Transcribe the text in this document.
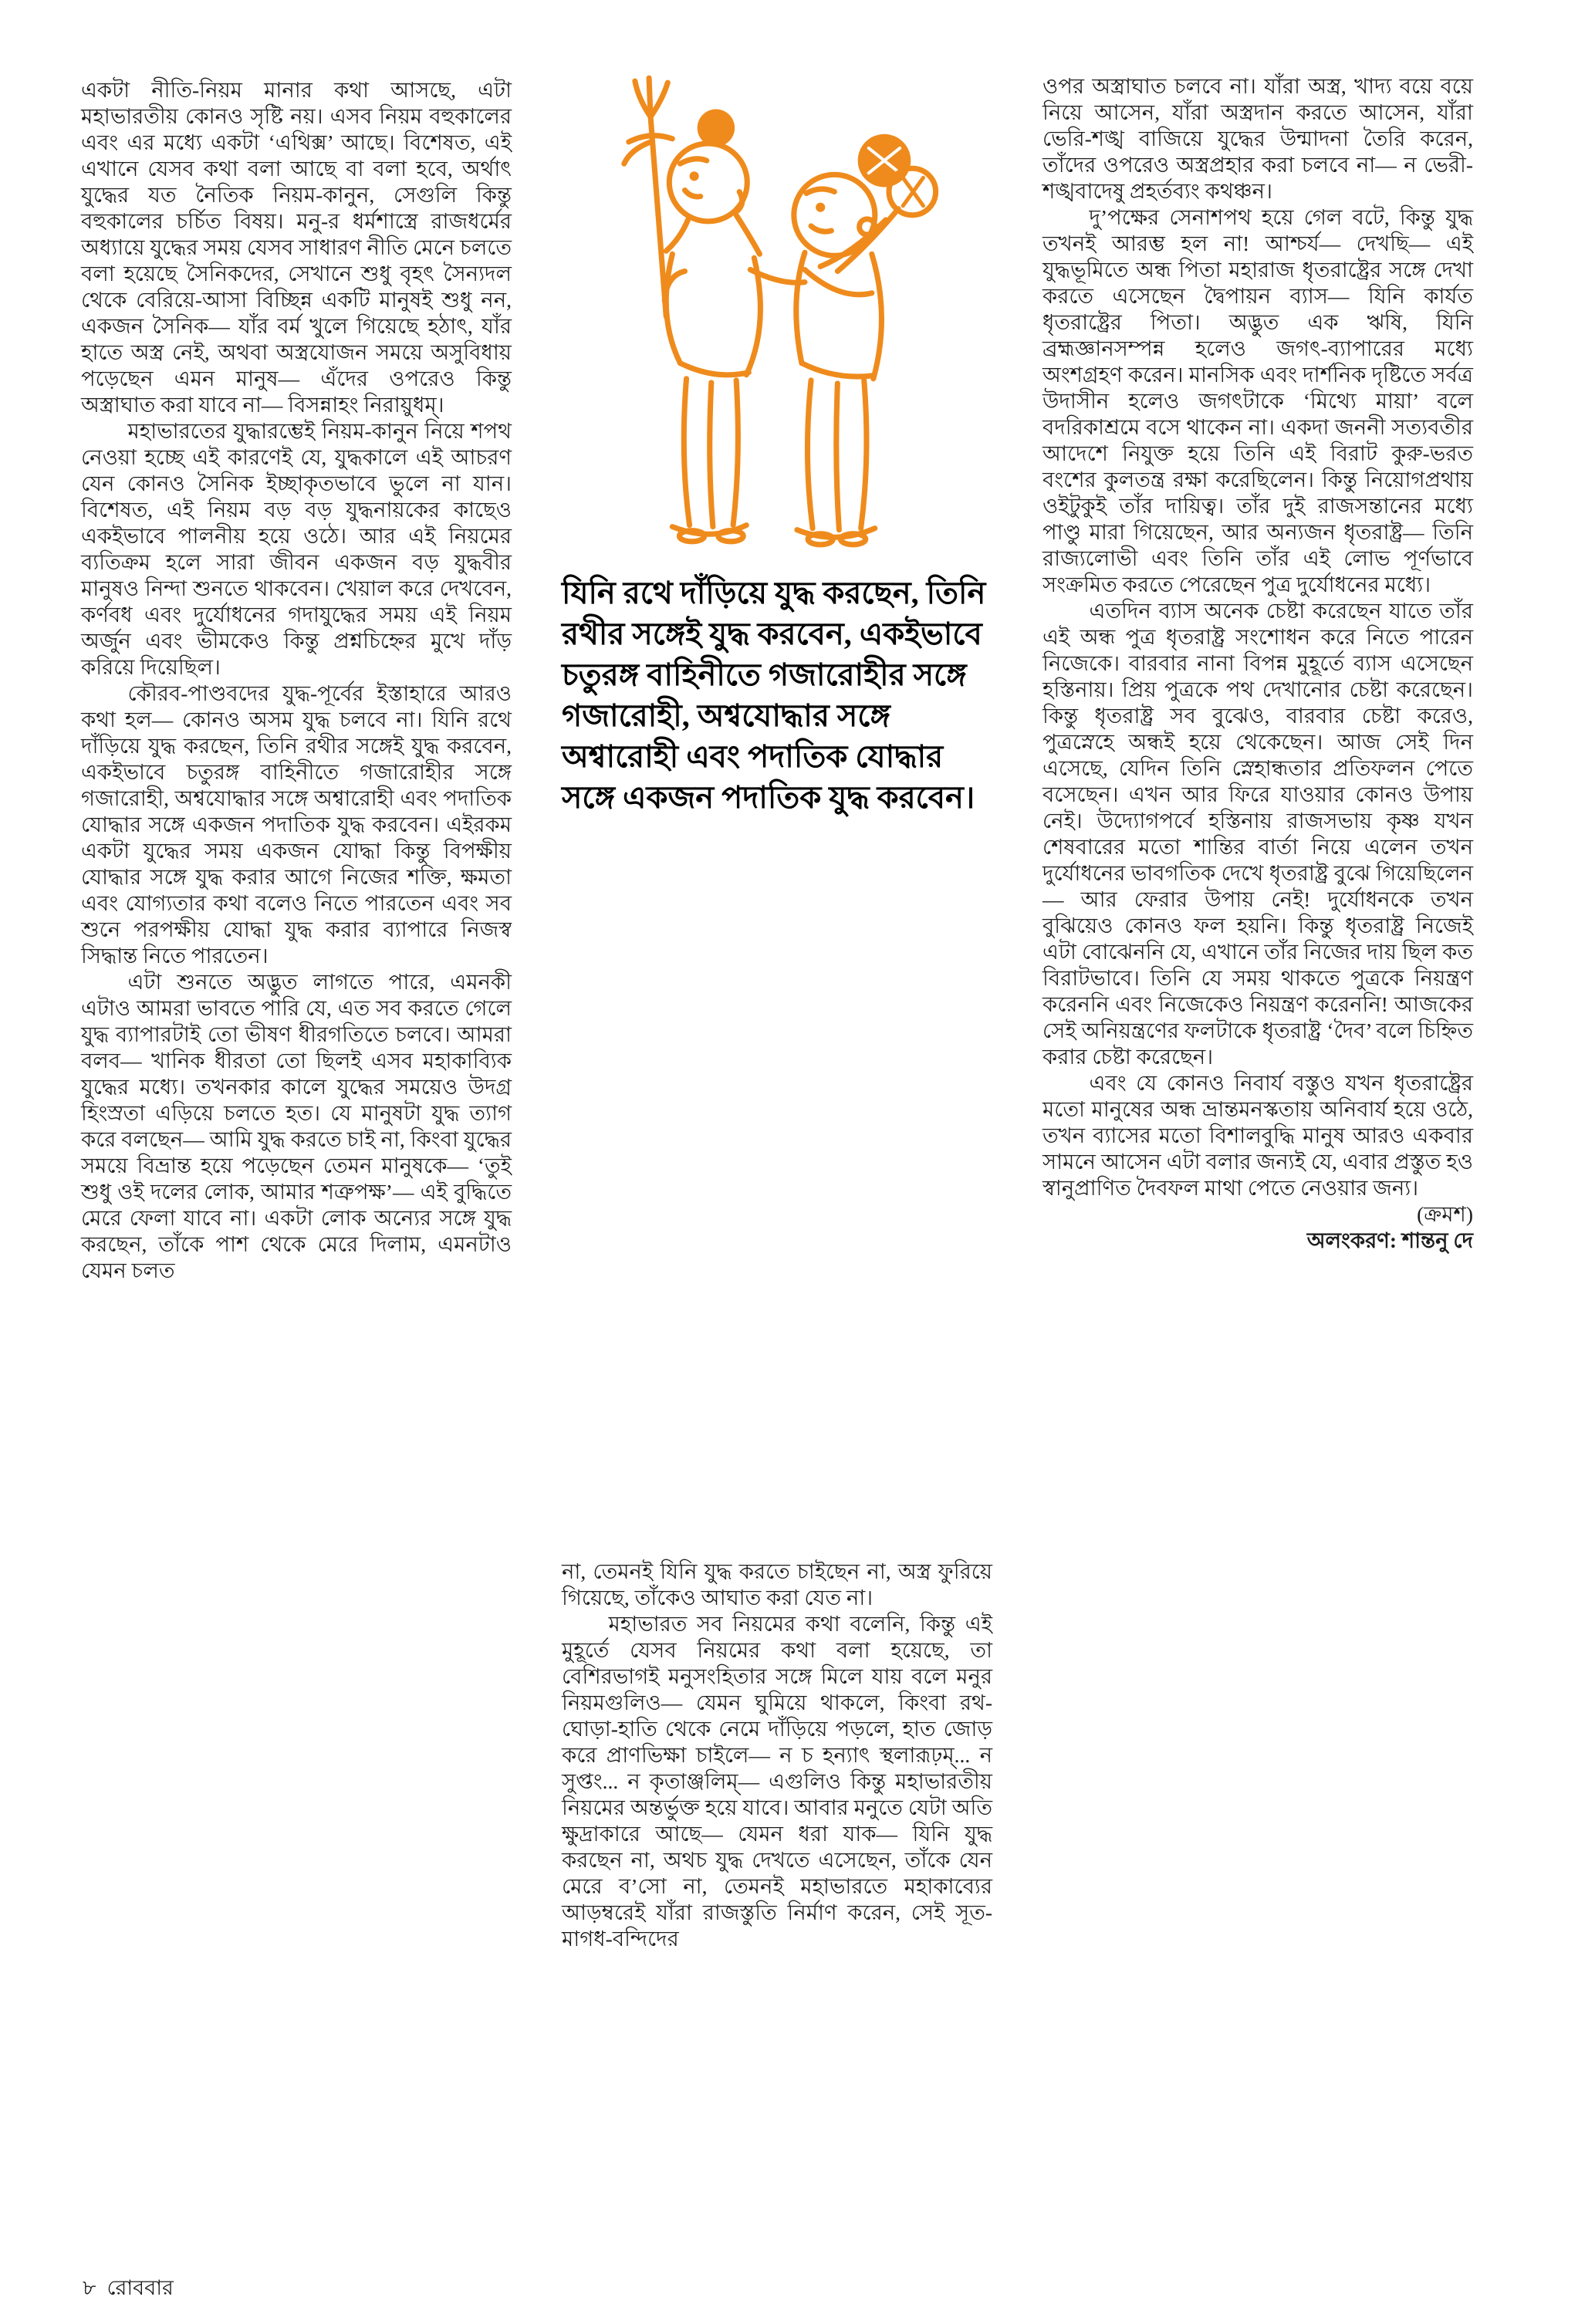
একটা নীতি-নিয়ম মানার কথা আসছে, এটা মহাভারতীয় কোনও সৃষ্টি নয়। এসব নিয়ম বহুকালের এবং এর মধ্যে একটা ‘এথিক্স’ আছে। বিশেষত, এই এখানে যেসব কথা বলা আছে বা বলা হবে, অর্থাৎ যুদ্ধের যত নৈতিক নিয়ম-কানুন, সেগুলি কিন্তু বহুকালের চর্চিত বিষয়। মনু-র ধর্মশাস্ত্রে রাজধর্মের অধ্যায়ে যুদ্ধের সময় যেসব সাধারণ নীতি মেনে চলতে বলা হয়েছে সৈনিকদের, সেখানে শুধু বৃহৎ সৈন্যদল থেকে বেরিয়ে-আসা বিচ্ছিন্ন একটি মানুষই শুধু নন, একজন সৈনিক— যাঁর বর্ম খুলে গিয়েছে হঠাৎ, যাঁর হাতে অস্ত্র নেই, অথবা অস্ত্রযোজন সময়ে অসুবিধায় পড়েছেন এমন মানুষ— এঁদের ওপরেও কিন্তু অস্ত্রাঘাত করা যাবে না— বিসন্নাহং নিরায়ুধম্।

মহাভারতের যুদ্ধারম্ভেই নিয়ম-কানুন নিয়ে শপথ নেওয়া হচ্ছে এই কারণেই যে, যুদ্ধকালে এই আচরণ যেন কোনও সৈনিক ইচ্ছাকৃতভাবে ভুলে না যান। বিশেষত, এই নিয়ম বড় বড় যুদ্ধনায়কের কাছেও একইভাবে পালনীয় হয়ে ওঠে। আর এই নিয়মের ব্যতিক্রম হলে সারা জীবন একজন বড় যুদ্ধবীর মানুষও নিন্দা শুনতে থাকবেন। খেয়াল করে দেখবেন, কর্ণবধ এবং দুর্যোধনের গদাযুদ্ধের সময় এই নিয়ম অর্জুন এবং ভীমকেও কিন্তু প্রশ্নচিহ্নের মুখে দাঁড় করিয়ে দিয়েছিল।

কৌরব-পাণ্ডবদের যুদ্ধ-পূর্বের ইস্তাহারে আরও কথা হল— কোনও অসম যুদ্ধ চলবে না। যিনি রথে দাঁড়িয়ে যুদ্ধ করছেন, তিনি রথীর সঙ্গেই যুদ্ধ করবেন, একইভাবে চতুরঙ্গ বাহিনীতে গজারোহীর সঙ্গে গজারোহী, অশ্বযোদ্ধার সঙ্গে অশ্বারোহী এবং পদাতিক যোদ্ধার সঙ্গে একজন পদাতিক যুদ্ধ করবেন। এইরকম একটা যুদ্ধের সময় একজন যোদ্ধা কিন্তু বিপক্ষীয় যোদ্ধার সঙ্গে যুদ্ধ করার আগে নিজের শক্তি, ক্ষমতা এবং যোগ্যতার কথা বলেও নিতে পারতেন এবং সব শুনে পরপক্ষীয় যোদ্ধা যুদ্ধ করার ব্যাপারে নিজস্ব সিদ্ধান্ত নিতে পারতেন।

এটা শুনতে অদ্ভুত লাগতে পারে, এমনকী এটাও আমরা ভাবতে পারি যে, এত সব করতে গেলে যুদ্ধ ব্যাপারটাই তো ভীষণ ধীরগতিতে চলবে। আমরা বলব— খানিক ধীরতা তো ছিলই এসব মহাকাব্যিক যুদ্ধের মধ্যে। তখনকার কালে যুদ্ধের সময়েও উদগ্র হিংস্রতা এড়িয়ে চলতে হত। যে মানুষটা যুদ্ধ ত্যাগ করে বলছেন— আমি যুদ্ধ করতে চাই না, কিংবা যুদ্ধের সময়ে বিভ্রান্ত হয়ে পড়েছেন তেমন মানুষকে— ‘তুই শুধু ওই দলের লোক, আমার শত্রুপক্ষ’— এই বুদ্ধিতে মেরে ফেলা যাবে না। একটা লোক অন্যের সঙ্গে যুদ্ধ করছেন, তাঁকে পাশ থেকে মেরে দিলাম, এমনটাও যেমন চলত

যিনি রথে দাঁড়িয়ে যুদ্ধ করছেন, তিনি রথীর সঙ্গেই যুদ্ধ করবেন, একইভাবে চতুরঙ্গ বাহিনীতে গজারোহীর সঙ্গে গজারোহী, অশ্বযোদ্ধার সঙ্গে অশ্বারোহী এবং পদাতিক যোদ্ধার সঙ্গে একজন পদাতিক যুদ্ধ করবেন।

না, তেমনই যিনি যুদ্ধ করতে চাইছেন না, অস্ত্র ফুরিয়ে গিয়েছে, তাঁকেও আঘাত করা যেত না।

মহাভারত সব নিয়মের কথা বলেনি, কিন্তু এই মুহূর্তে যেসব নিয়মের কথা বলা হয়েছে, তা বেশিরভাগই মনুসংহিতার সঙ্গে মিলে যায় বলে মনুর নিয়মগুলিও— যেমন ঘুমিয়ে থাকলে, কিংবা রথ-ঘোড়া-হাতি থেকে নেমে দাঁড়িয়ে পড়লে, হাত জোড় করে প্রাণভিক্ষা চাইলে— ন চ হন্যাৎ স্থলারূঢ়ম্... ন সুপ্তং... ন কৃতাঞ্জলিম্— এগুলিও কিন্তু মহাভারতীয় নিয়মের অন্তর্ভুক্ত হয়ে যাবে। আবার মনুতে যেটা অতি ক্ষুদ্রাকারে আছে— যেমন ধরা যাক— যিনি যুদ্ধ করছেন না, অথচ যুদ্ধ দেখতে এসেছেন, তাঁকে যেন মেরে ব’সো না, তেমনই মহাভারতে মহাকাব্যের আড়ম্বরেই যাঁরা রাজস্তুতি নির্মাণ করেন, সেই সূত-মাগধ-বন্দিদের

ওপর অস্ত্রাঘাত চলবে না। যাঁরা অস্ত্র, খাদ্য বয়ে বয়ে নিয়ে আসেন, যাঁরা অস্ত্রদান করতে আসেন, যাঁরা ভেরি-শঙ্খ বাজিয়ে যুদ্ধের উন্মাদনা তৈরি করেন, তাঁদের ওপরেও অস্ত্রপ্রহার করা চলবে না— ন ভেরী-শঙ্খবাদেষু প্রহর্তব্যং কথঞ্চন।

দু’পক্ষের সেনাশপথ হয়ে গেল বটে, কিন্তু যুদ্ধ তখনই আরম্ভ হল না! আশ্চর্য— দেখছি— এই যুদ্ধভূমিতে অন্ধ পিতা মহারাজ ধৃতরাষ্ট্রের সঙ্গে দেখা করতে এসেছেন দ্বৈপায়ন ব্যাস— যিনি কার্যত ধৃতরাষ্ট্রের পিতা। অদ্ভুত এক ঋষি, যিনি ব্রহ্মজ্ঞানসম্পন্ন হলেও জগৎ-ব্যাপারের মধ্যে অংশগ্রহণ করেন। মানসিক এবং দার্শনিক দৃষ্টিতে সর্বত্র উদাসীন হলেও জগৎটাকে ‘মিথ্যে মায়া’ বলে বদরিকাশ্রমে বসে থাকেন না। একদা জননী সত্যবতীর আদেশে নিযুক্ত হয়ে তিনি এই বিরাট কুরু-ভরত বংশের কুলতন্ত্র রক্ষা করেছিলেন। কিন্তু নিয়োগপ্রথায় ওইটুকুই তাঁর দায়িত্ব। তাঁর দুই রাজসন্তানের মধ্যে পাণ্ডু মারা গিয়েছেন, আর অন্যজন ধৃতরাষ্ট্র— তিনি রাজ্যলোভী এবং তিনি তাঁর এই লোভ পূর্ণভাবে সংক্রমিত করতে পেরেছেন পুত্র দুর্যোধনের মধ্যে।

এতদিন ব্যাস অনেক চেষ্টা করেছেন যাতে তাঁর এই অন্ধ পুত্র ধৃতরাষ্ট্র সংশোধন করে নিতে পারেন নিজেকে। বারবার নানা বিপন্ন মুহূর্তে ব্যাস এসেছেন হস্তিনায়। প্রিয় পুত্রকে পথ দেখানোর চেষ্টা করেছেন। কিন্তু ধৃতরাষ্ট্র সব বুঝেও, বারবার চেষ্টা করেও, পুত্রস্নেহে অন্ধই হয়ে থেকেছেন। আজ সেই দিন এসেছে, যেদিন তিনি স্নেহান্ধতার প্রতিফলন পেতে বসেছেন। এখন আর ফিরে যাওয়ার কোনও উপায় নেই। উদ্যোগপর্বে হস্তিনায় রাজসভায় কৃষ্ণ যখন শেষবারের মতো শান্তির বার্তা নিয়ে এলেন তখন দুর্যোধনের ভাবগতিক দেখে ধৃতরাষ্ট্র বুঝে গিয়েছিলেন— আর ফেরার উপায় নেই! দুর্যোধনকে তখন বুঝিয়েও কোনও ফল হয়নি। কিন্তু ধৃতরাষ্ট্র নিজেই এটা বোঝেননি যে, এখানে তাঁর নিজের দায় ছিল কত বিরাটভাবে। তিনি যে সময় থাকতে পুত্রকে নিয়ন্ত্রণ করেননি এবং নিজেকেও নিয়ন্ত্রণ করেননি! আজকের সেই অনিয়ন্ত্রণের ফলটাকে ধৃতরাষ্ট্র ‘দৈব’ বলে চিহ্নিত করার চেষ্টা করেছেন।

এবং যে কোনও নিবার্য বস্তুও যখন ধৃতরাষ্ট্রের মতো মানুষের অন্ধ ভ্রান্তমনস্কতায় অনিবার্য হয়ে ওঠে, তখন ব্যাসের মতো বিশালবুদ্ধি মানুষ আরও একবার সামনে আসেন এটা বলার জন্যই যে, এবার প্রস্তুত হও স্বানুপ্রাণিত দৈবফল মাথা পেতে নেওয়ার জন্য।

(ক্রমশ)

অলংকরণ: শান্তনু দে

৮ রোববার
